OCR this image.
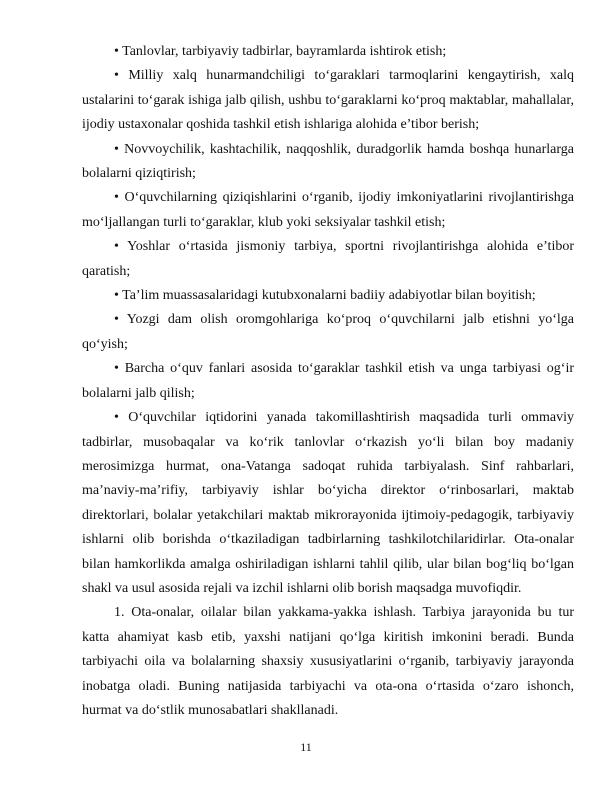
• Tanlovlar, tarbiyaviy tadbirlar, bayramlarda ishtirok etish;

• Milliy xalq hunarmandchiligi to‘garaklari tarmoqlarini kengaytirish, xalq ustalarini to‘garak ishiga jalb qilish, ushbu to‘garaklarni ko‘proq maktablar, mahallalar, ijodiy ustaxonalar qoshida tashkil etish ishlariga alohida e’tibor berish;

• Novvoychilik, kashtachilik, naqqoshlik, duradgorlik hamda boshqa hunarlarga bolalarni qiziqtirish;

• O‘quvchilarning qiziqishlarini o‘rganib, ijodiy imkoniyatlarini rivojlantirishga mo‘ljallangan turli to‘garaklar, klub yoki seksiyalar tashkil etish;

• Yoshlar o‘rtasida jismoniy tarbiya, sportni rivojlantirishga alohida e’tibor qaratish;

• Ta’lim muassasalaridagi kutubxonalarni badiiy adabiyotlar bilan boyitish;

• Yozgi dam olish oromgohlariga ko‘proq o‘quvchilarni jalb etishni yo‘lga qo‘yish;

• Barcha o‘quv fanlari asosida to‘garaklar tashkil etish va unga tarbiyasi og‘ir bolalarni jalb qilish;

• O‘quvchilar iqtidorini yanada takomillashtirish maqsadida turli ommaviy tadbirlar, musobaqalar va ko‘rik tanlovlar o‘rkazish yo‘li bilan boy madaniy merosimizga hurmat, ona-Vatanga sadoqat ruhida tarbiyalash. Sinf rahbarlari, ma’naviy-ma’rifiy, tarbiyaviy ishlar bo‘yicha direktor o‘rinbosarlari, maktab direktorlari, bolalar yetakchilari maktab mikrorayonida ijtimoiy-pedagogik, tarbiyaviy ishlarni olib borishda o‘tkaziladigan tadbirlarning tashkilotchilaridirlar. Ota-onalar bilan hamkorlikda amalga oshiriladigan ishlarni tahlil qilib, ular bilan bog‘liq bo‘lgan shakl va usul asosida rejali va izchil ishlarni olib borish maqsadga muvofiqdir.

1. Ota-onalar, oilalar bilan yakkama-yakka ishlash. Tarbiya jarayonida bu tur katta ahamiyat kasb etib, yaxshi natijani qo‘lga kiritish imkonini beradi. Bunda tarbiyachi oila va bolalarning shaxsiy xususiyatlarini o‘rganib, tarbiyaviy jarayonda inobatga oladi. Buning natijasida tarbiyachi va ota-ona o‘rtasida o‘zaro ishonch, hurmat va do‘stlik munosabatlari shakllanadi.

11
